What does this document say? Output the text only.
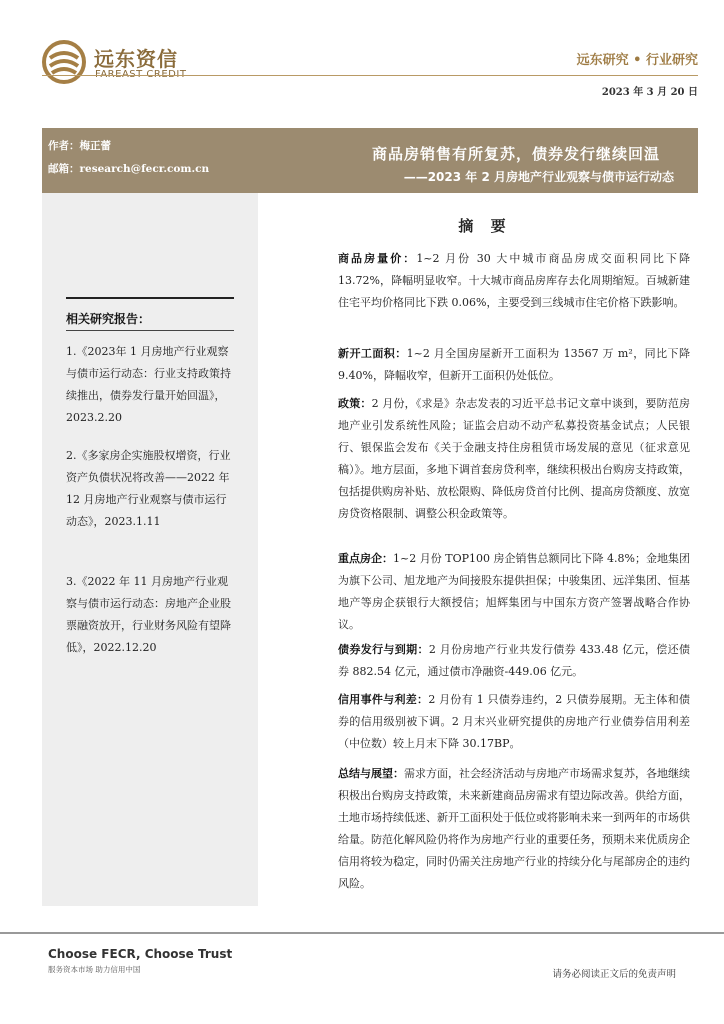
远东资信	远东研究 • 行业研究
2023 年 3 月 20 日
作者：梅正蕾
邮箱：research@fecr.com.cn
商品房销售有所复苏，债券发行继续回温
——2023 年 2 月房地产行业观察与债市运行动态
相关研究报告：
1.《2023年 1 月房地产行业观察与债市运行动态：行业支持政策持续推出，债券发行量开始回温》，2023.2.20
2.《多家房企实施股权增资，行业资产负债状况将改善——2022 年 12 月房地产行业观察与债市运行动态》，2023.1.11
3.《2022 年 11 月房地产行业观察与债市运行动态：房地产企业股票融资放开，行业财务风险有望降低》，2022.12.20
摘 要
商品房量价：1~2 月份 30 大中城市商品房成交面积同比下降 13.72%，降幅明显收窄。十大城市商品房库存去化周期缩短。百城新建住宅平均价格同比下跌 0.06%，主要受到三线城市住宅价格下跌影响。
新开工面积：1~2 月全国房屋新开工面积为 13567 万 m²，同比下降 9.40%，降幅收窄，但新开工面积仍处低位。
政策：2 月份，《求是》杂志发表的习近平总书记文章中谈到，要防范房地产业引发系统性风险；证监会启动不动产私募投资基金试点；人民银行、银保监会发布《关于金融支持住房租赁市场发展的意见（征求意见稿）》。地方层面，多地下调首套房贷利率，继续积极出台购房支持政策，包括提供购房补贴、放松限购、降低房贷首付比例、提高房贷额度、放宽房贷资格限制、调整公积金政策等。
重点房企：1~2 月份 TOP100 房企销售总额同比下降 4.8%；金地集团为旗下公司、旭龙地产为间接股东提供担保；中骏集团、远洋集团、恒基地产等房企获银行大额授信；旭辉集团与中国东方资产签署战略合作协议。
债券发行与到期：2 月份房地产行业共发行债券 433.48 亿元，偿还债券 882.54 亿元，通过债市净融资-449.06 亿元。
信用事件与利差：2 月份有 1 只债券违约，2 只债券展期。无主体和债券的信用级别被下调。2 月末兴业研究提供的房地产行业债券信用利差（中位数）较上月末下降 30.17BP。
总结与展望：需求方面，社会经济活动与房地产市场需求复苏，各地继续积极出台购房支持政策，未来新建商品房需求有望边际改善。供给方面，土地市场持续低迷、新开工面积处于低位或将影响未来一到两年的市场供给量。防范化解风险仍将作为房地产行业的重要任务，预期未来优质房企信用将较为稳定，同时仍需关注房地产行业的持续分化与尾部房企的违约风险。
Choose FECR, Choose Trust
服务资本市场 助力信用中国	请务必阅读正文后的免责声明
